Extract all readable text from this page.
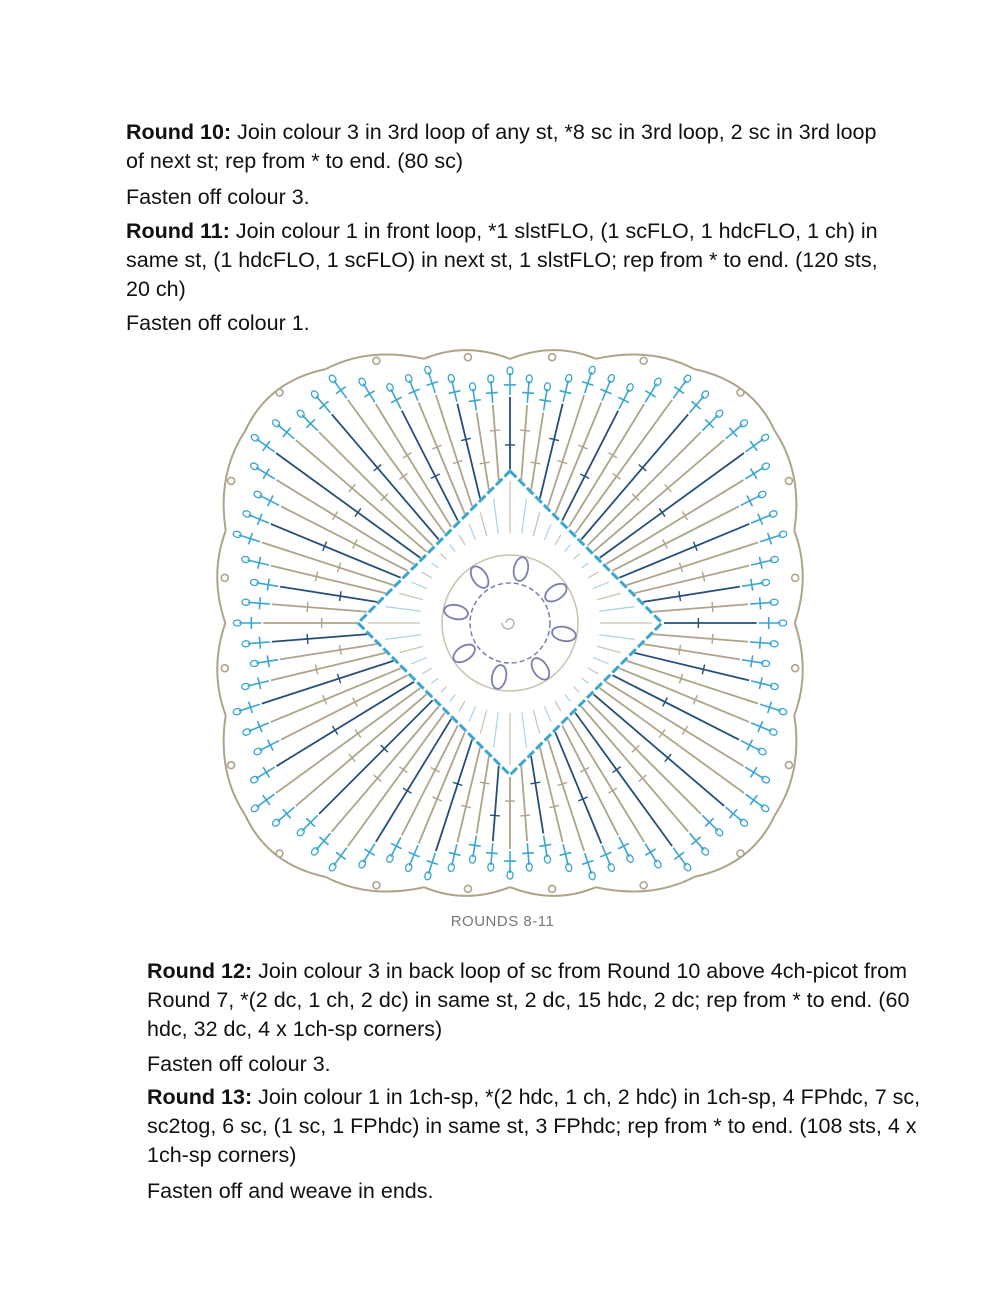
Round 10: Join colour 3 in 3rd loop of any st, *8 sc in 3rd loop, 2 sc in 3rd loop of next st; rep from * to end. (80 sc)

Fasten off colour 3.

Round 11: Join colour 1 in front loop, *1 slstFLO, (1 scFLO, 1 hdcFLO, 1 ch) in same st, (1 hdcFLO, 1 scFLO) in next st, 1 slstFLO; rep from * to end. (120 sts, 20 ch)

Fasten off colour 1.

ROUNDS 8-11

Round 12: Join colour 3 in back loop of sc from Round 10 above 4ch-picot from Round 7, *(2 dc, 1 ch, 2 dc) in same st, 2 dc, 15 hdc, 2 dc; rep from * to end. (60 hdc, 32 dc, 4 x 1ch-sp corners)

Fasten off colour 3.

Round 13: Join colour 1 in 1ch-sp, *(2 hdc, 1 ch, 2 hdc) in 1ch-sp, 4 FPhdc, 7 sc, sc2tog, 6 sc, (1 sc, 1 FPhdc) in same st, 3 FPhdc; rep from * to end. (108 sts, 4 x 1ch-sp corners)

Fasten off and weave in ends.
